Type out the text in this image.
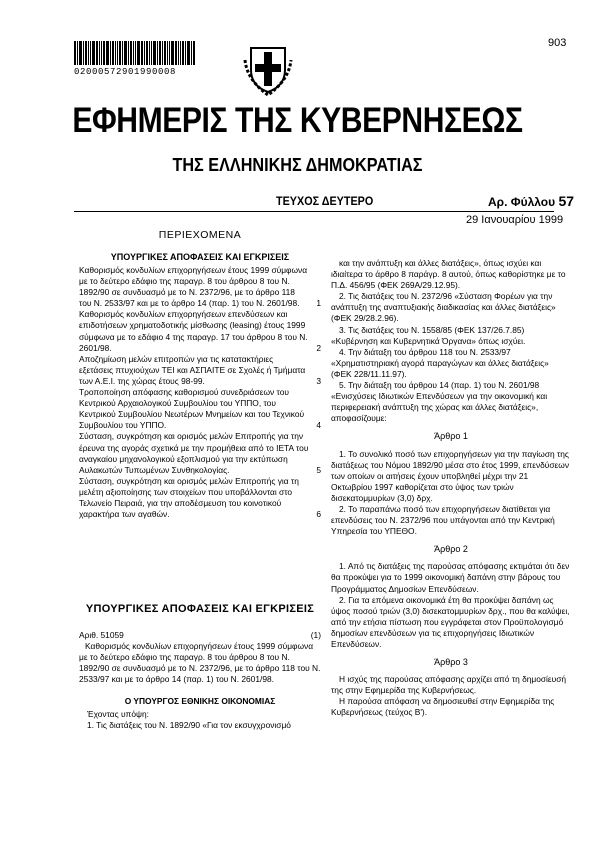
903
02000572901990008
ΕΦΗΜΕΡΙΣ ΤΗΣ ΚΥΒΕΡΝΗΣΕΩΣ
ΤΗΣ ΕΛΛΗΝΙΚΗΣ ΔΗΜΟΚΡΑΤΙΑΣ
ΤΕΥΧΟΣ ΔΕΥΤΕΡΟ	Αρ. Φύλλου 57
29 Ιανουαρίου 1999
ΠΕΡΙΕΧΟΜΕΝΑ
ΥΠΟΥΡΓΙΚΕΣ ΑΠΟΦΑΣΕΙΣ ΚΑΙ ΕΓΚΡΙΣΕΙΣ

Καθορισμός κονδυλίων επιχορηγήσεων έτους 1999 σύμφωνα με το δεύτερο εδάφιο της παραγρ. 8 του άρθρου 8 του Ν. 1892/90 σε συνδυασμό με το Ν. 2372/96, με το άρθρο 118 του Ν. 2533/97 και με το άρθρο 14 (παρ. 1) του Ν. 2601/98. 1

Καθορισμός κονδυλίων επιχορηγήσεων επενδύσεων και επιδοτήσεων χρηματοδοτικής μίσθωσης (leasing) έτους 1999 σύμφωνα με το εδάφιο 4 της παραγρ. 17 του άρθρου 8 του Ν. 2601/98.	2

Αποζημίωση μελών επιτροπών για τις κατατακτήριες εξετάσεις πτυχιούχων ΤΕΙ και ΑΣΠΑΙΤΕ σε Σχολές ή Τμήματα των Α.Ε.Ι. της χώρας έτους 98-99.	3

Τροποποίηση απόφασης καθορισμού συνεδριάσεων του Κεντρικού Αρχαιολογικού Συμβουλίου του ΥΠΠΟ, του Κεντρικού Συμβουλίου Νεωτέρων Μνημείων και του Τεχνικού Συμβουλίου του ΥΠΠΟ.	4

Σύσταση, συγκρότηση και ορισμός μελών Επιτροπής για την έρευνα της αγοράς σχετικά με την προμήθεια από το ΙΕΤΑ του αναγκαίου μηχανολογικού εξοπλισμού για την εκτύπωση Αυλακωτών Τυπωμένων Συνθηκολογίας.	5

Σύσταση, συγκρότηση και ορισμός μελών Επιτροπής για τη μελέτη αξιοποίησης των στοιχείων που υποβάλλονται στο Τελωνείο Πειραιά, για την αποδέσμευση του κοινοτικού χαρακτήρα των αγαθών.	6

ΥΠΟΥΡΓΙΚΕΣ ΑΠΟΦΑΣΕΙΣ ΚΑΙ ΕΓΚΡΙΣΕΙΣ
Αριθ. 51059	(1)
Καθορισμός κονδυλίων επιχορηγήσεων έτους 1999 σύμφωνα με το δεύτερο εδάφιο της παραγρ. 8 του άρθρου 8 του Ν. 1892/90 σε συνδυασμό με το Ν. 2372/96, με το άρθρο 118 του Ν. 2533/97 και με το άρθρο 14 (παρ. 1) του Ν. 2601/98.
Ο ΥΠΟΥΡΓΟΣ ΕΘΝΙΚΗΣ ΟΙΚΟΝΟΜΙΑΣ

Έχοντας υπόψη:

1. Τις διατάξεις του Ν. 1892/90 «Για τον εκσυγχρονισμό

και την ανάπτυξη και άλλες διατάξεις», όπως ισχύει και ιδιαίτερα το άρθρο 8 παράγρ. 8 αυτού, όπως καθορίστηκε με το Π.Δ. 456/95 (ΦΕΚ 269Α/29.12.95).

2. Τις διατάξεις του Ν. 2372/96 «Σύσταση Φορέων για την ανάπτυξη της αναπτυξιακής διαδικασίας και άλλες διατάξεις» (ΦΕΚ 29/28.2.96).

3. Τις διατάξεις του Ν. 1558/85 (ΦΕΚ 137/26.7.85) «Κυβέρνηση και Κυβερνητικά Όργανα» όπως ισχύει.

4. Την διάταξη του άρθρου 118 του Ν. 2533/97 «Χρηματιστηριακή αγορά παραγώγων και άλλες διατάξεις» (ΦΕΚ 228/11.11.97).

5. Την διάταξη του άρθρου 14 (παρ. 1) του Ν. 2601/98 «Ενισχύσεις Ιδιωτικών Επενδύσεων για την οικονομική και περιφερειακή ανάπτυξη της χώρας και άλλες διατάξεις», αποφασίζουμε:

Άρθρο 1

1. Το συνολικό ποσό των επιχορηγήσεων για την παγίωση της διατάξεως του Νόμου 1892/90 μέσα στο έτος 1999, επενδύσεων των οποίων οι αιτήσεις έχουν υποβληθεί μέχρι την 21 Οκτωβρίου 1997 καθορίζεται στο ύψος των τριών δισεκατομμυρίων (3,0) δρχ.

2. Το παραπάνω ποσό των επιχορηγήσεων διατίθεται για επενδύσεις του Ν. 2372/96 που υπάγονται από την Κεντρική Υπηρεσία του ΥΠΕΘΟ.

Άρθρο 2

1. Από τις διατάξεις της παρούσας απόφασης εκτιμάται ότι δεν θα προκύψει για το 1999 οικονομική δαπάνη στην βάρους του Προγράμματος Δημοσίων Επενδύσεων.

2. Για τα επόμενα οικονομικά έτη θα προκύψει δαπάνη ως ύψος ποσού τριών (3,0) δισεκατομμυρίων δρχ., που θα καλύψει, από την ετήσια πίστωση που εγγράφεται στον Προϋπολογισμό δημοσίων επενδύσεων για τις επιχορηγήσεις Ιδιωτικών Επενδύσεων.

Άρθρο 3

Η ισχύς της παρούσας απόφασης αρχίζει από τη δημοσίευσή της στην Εφημερίδα της Κυβερνήσεως.

Η παρούσα απόφαση να δημοσιευθεί στην Εφημερίδα της Κυβερνήσεως (τεύχος Β').
